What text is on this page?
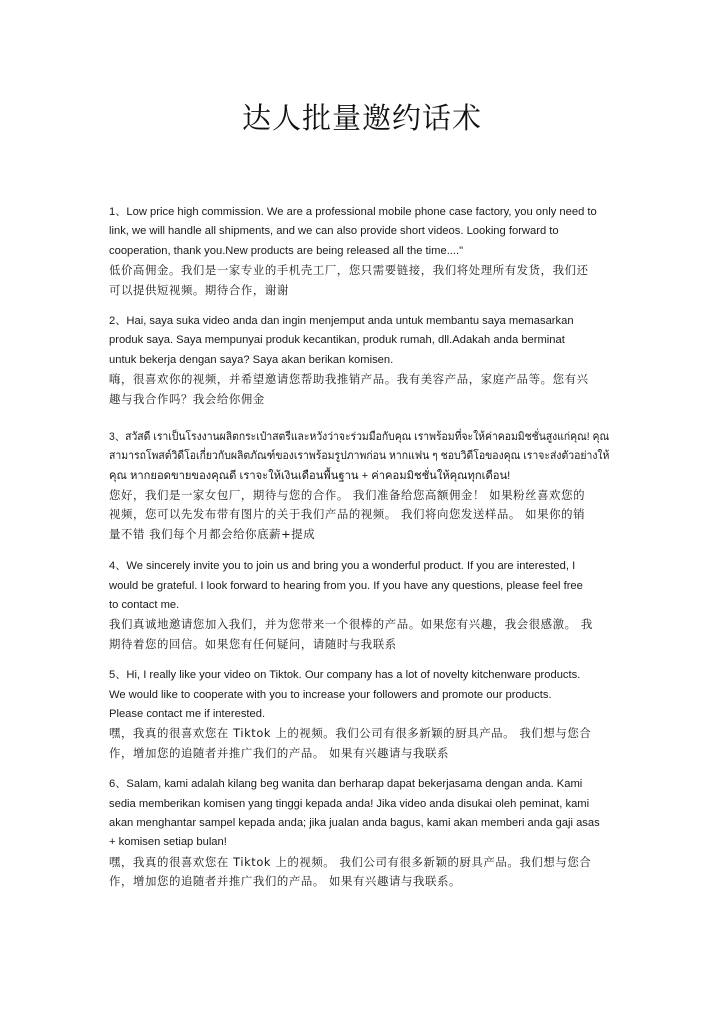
达人批量邀约话术
1、Low price high commission. We are a professional mobile phone case factory, you only need to
link, we will handle all shipments, and we can also provide short videos. Looking forward to
cooperation, thank you.New products are being released all the time...."
低价高佣金。我们是一家专业的手机壳工厂，您只需要链接，我们将处理所有发货，我们还
可以提供短视频。期待合作，谢谢
2、Hai, saya suka video anda dan ingin menjemput anda untuk membantu saya memasarkan
produk saya. Saya mempunyai produk kecantikan, produk rumah, dll.Adakah anda berminat
untuk bekerja dengan saya? Saya akan berikan komisen.
嗨，很喜欢你的视频，并希望邀请您帮助我推销产品。我有美容产品，家庭产品等。您有兴
趣与我合作吗？我会给你佣金
3、สวัสดี เราเป็นโรงงานผลิตกระเป๋าสตรีและหวังว่าจะร่วมมือกับคุณ เราพร้อมที่จะให้ค่าคอมมิชชั่นสูงแก่คุณ! คุณ
สามารถโพสต์วิดีโอเกี่ยวกับผลิตภัณฑ์ของเราพร้อมรูปภาพก่อน หากแฟน ๆ ชอบวิดีโอของคุณ เราจะส่งตัวอย่างให้
คุณ หากยอดขายของคุณดี เราจะให้เงินเดือนพื้นฐาน + ค่าคอมมิชชั่นให้คุณทุกเดือน!
您好，我们是一家女包厂，期待与您的合作。 我们准备给您高额佣金！ 如果粉丝喜欢您的
视频，您可以先发布带有图片的关于我们产品的视频。 我们将向您发送样品。 如果你的销
量不错 我们每个月都会给你底薪+提成
4、We sincerely invite you to join us and bring you a wonderful product. If you are interested, I
would be grateful. I look forward to hearing from you. If you have any questions, please feel free
to contact me.
我们真诚地邀请您加入我们，并为您带来一个很棒的产品。如果您有兴趣，我会很感激。 我
期待着您的回信。如果您有任何疑问，请随时与我联系
5、Hi, I really like your video on Tiktok. Our company has a lot of novelty kitchenware products.
We would like to cooperate with you to increase your followers and promote our products.
Please contact me if interested.
嘿，我真的很喜欢您在 Tiktok 上的视频。我们公司有很多新颖的厨具产品。 我们想与您合
作，增加您的追随者并推广我们的产品。 如果有兴趣请与我联系
6、Salam, kami adalah kilang beg wanita dan berharap dapat bekerjasama dengan anda. Kami
sedia memberikan komisen yang tinggi kepada anda! Jika video anda disukai oleh peminat, kami
akan menghantar sampel kepada anda; jika jualan anda bagus, kami akan memberi anda gaji asas
+ komisen setiap bulan!
嘿，我真的很喜欢您在 Tiktok 上的视频。 我们公司有很多新颖的厨具产品。我们想与您合
作，增加您的追随者并推广我们的产品。 如果有兴趣请与我联系。
